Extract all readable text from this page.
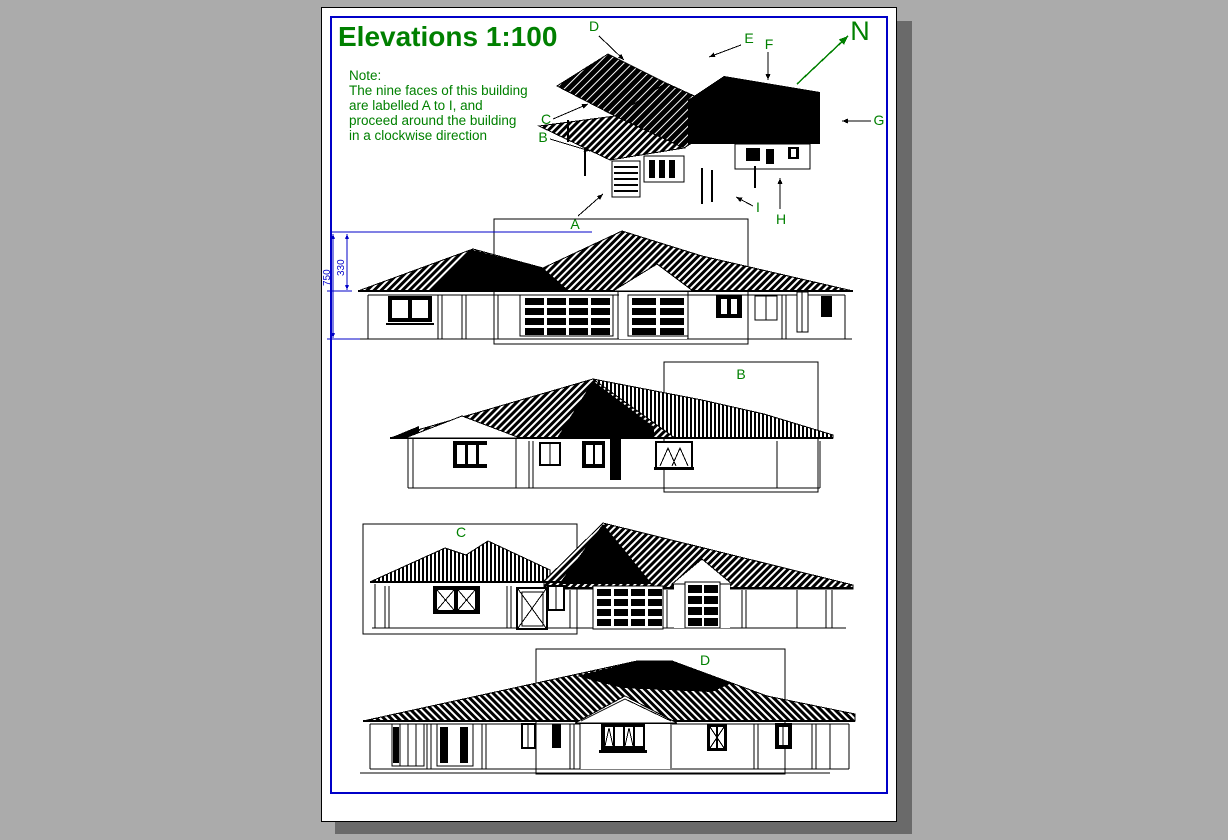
Elevations 1:100
Note:
The nine faces of this building
are labelled A to I, and
proceed around the building
in a clockwise direction
D
E F
C
B
G
I
H
N
750
330
A
B
C
D
